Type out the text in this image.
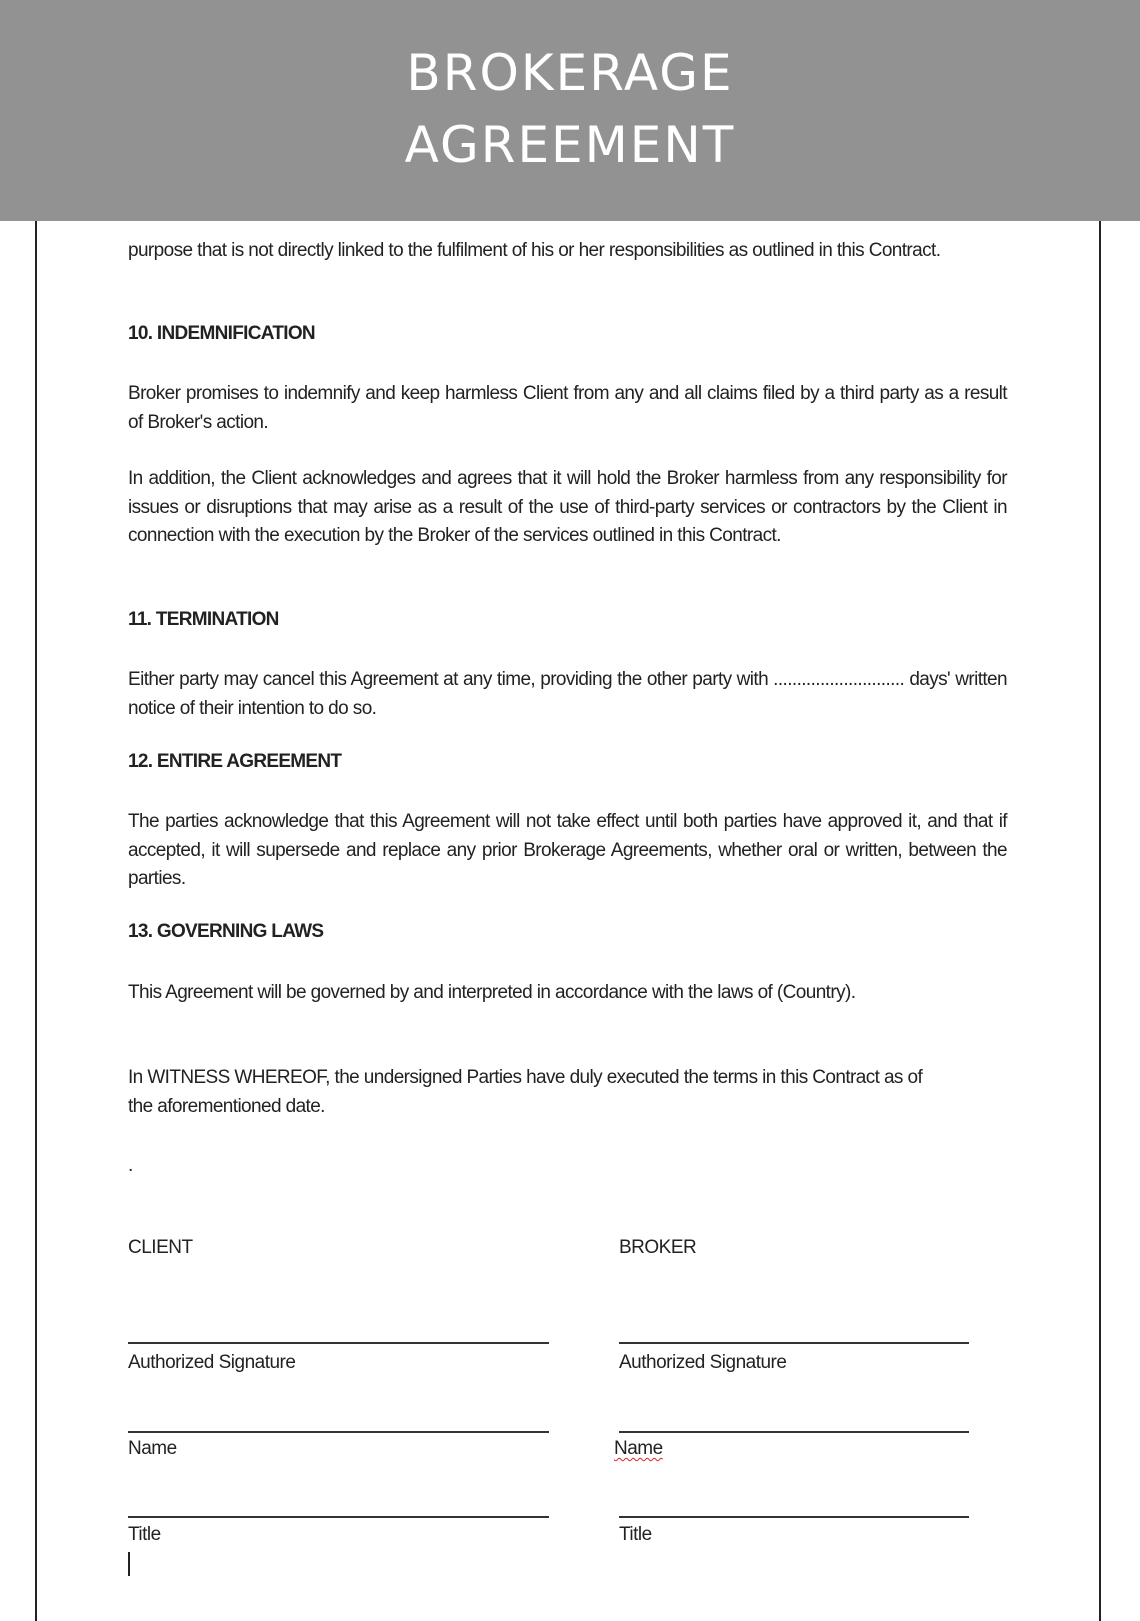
BROKERAGE
AGREEMENT
purpose that is not directly linked to the fulfilment of his or her responsibilities as outlined in this Contract.
10. INDEMNIFICATION
Broker promises to indemnify and keep harmless Client from any and all claims filed by a third party as a result of Broker's action.
In addition, the Client acknowledges and agrees that it will hold the Broker harmless from any responsibility for issues or disruptions that may arise as a result of the use of third-party services or contractors by the Client in connection with the execution by the Broker of the services outlined in this Contract.
11. TERMINATION
Either party may cancel this Agreement at any time, providing the other party with ............................ days' written notice of their intention to do so.
12. ENTIRE AGREEMENT
The parties acknowledge that this Agreement will not take effect until both parties have approved it, and that if accepted, it will supersede and replace any prior Brokerage Agreements, whether oral or written, between the parties.
13. GOVERNING LAWS
This Agreement will be governed by and interpreted in accordance with the laws of (Country).
In WITNESS WHEREOF, the undersigned Parties have duly executed the terms in this Contract as of the aforementioned date.
.
CLIENT	BROKER
Authorized Signature	Authorized Signature
Name	Name
Title	Title
